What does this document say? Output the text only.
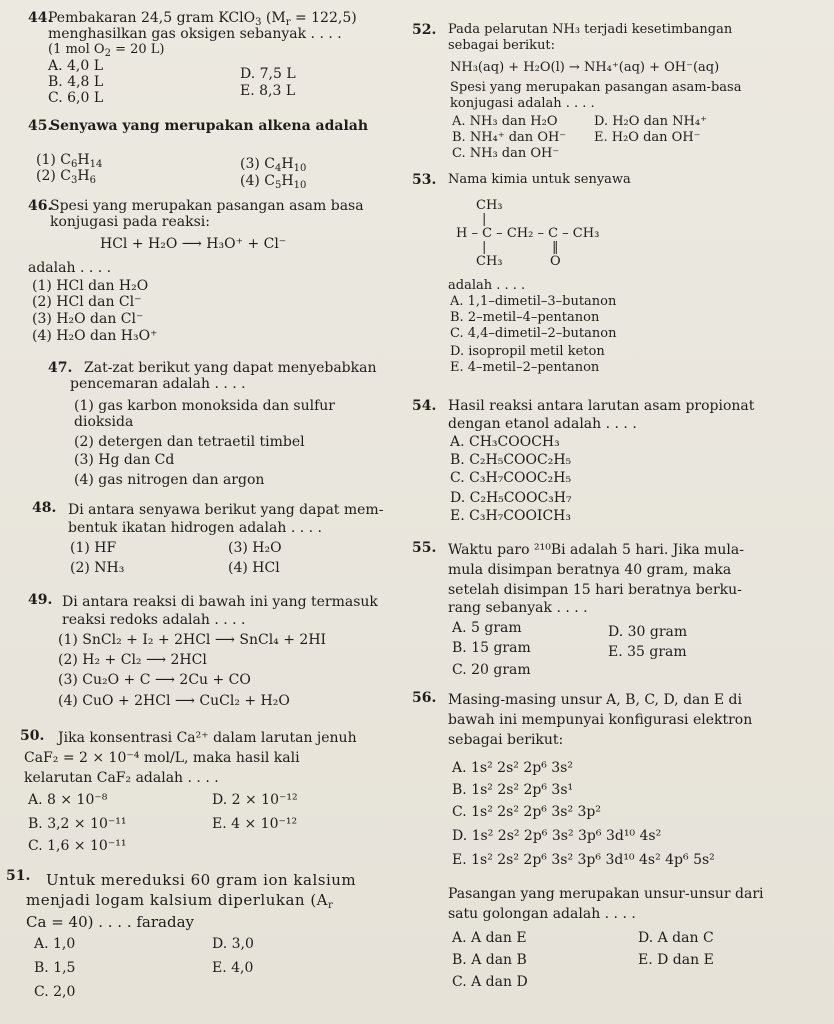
44.
Pembakaran 24,5 gram KClO$_3$ $(M_r = 122,5)$
menghasilkan gas oksigen sebanyak . . . .
(1 mol $O_2 = 20$ L)
A. 4,0 L
B. 4,8 L
C. 6,0 L
D. 7,5 L
E. 8,3 L
45.
Senyawa yang merupakan alkena adalah
(1) $C_6H_{14}$
(2) $C_3H_6$
(3) $C_4H_{10}$
(4) $C_5H_{10}$
46.
Spesi yang merupakan pasangan asam basa
konjugasi pada reaksi:
HCl + H₂O ⟶ H₃O⁺ + Cl⁻
adalah . . . .
(1) HCl dan H₂O
(2) HCl dan Cl⁻
(3) H₂O dan Cl⁻
(4) H₂O dan H₃O⁺
47. Zat-zat berikut yang dapat menyebabkan
pencemaran adalah . . . .
(1) gas karbon monoksida dan sulfur
dioksida
(2) detergen dan tetraetil timbel
(3) Hg dan Cd
(4) gas nitrogen dan argon
48. Di antara senyawa berikut yang dapat mem-
bentuk ikatan hidrogen adalah . . . .
(1) HF
(2) NH₃
(3) H₂O
(4) HCl
49. Di antara reaksi di bawah ini yang termasuk
reaksi redoks adalah . . . .
(1) SnCl₂ + I₂ + 2HCl ⟶ SnCl₄ + 2HI
(2) H₂ + Cl₂ ⟶ 2HCl
(3) Cu₂O + C ⟶ 2Cu + CO
(4) CuO + 2HCl ⟶ CuCl₂ + H₂O
50. Jika konsentrasi Ca²⁺ dalam larutan jenuh
CaF₂ = 2 × 10⁻⁴ mol/L, maka hasil kali
kelarutan CaF₂ adalah . . . .
A. 8 × 10⁻⁸
B. 3,2 × 10⁻¹¹
C. 1,6 × 10⁻¹¹
D. 2 × 10⁻¹²
E. 4 × 10⁻¹²
51. Untuk mereduksi 60 gram ion kalsium
menjadi logam kalsium diperlukan ($A_r$
Ca = 40) . . . . faraday
A. 1,0
B. 1,5
C. 2,0
D. 3,0
E. 4,0
52. Pada pelarutan NH₃ terjadi kesetimbangan
sebagai berikut:
NH₃(aq) + H₂O(l) → NH₄⁺(aq) + OH⁻(aq)
Spesi yang merupakan pasangan asam-basa
konjugasi adalah . . . .
A. NH₃ dan H₂O
B. NH₄⁺ dan OH⁻
C. NH₃ dan OH⁻
D. H₂O dan NH₄⁺
E. H₂O dan OH⁻
53. Nama kimia untuk senyawa
CH₃
|
H – C – CH₂ – C – CH₃
|	‖
CH₃	O
adalah . . . .
A. 1,1–dimetil–3–butanon
B. 2–metil–4–pentanon
C. 4,4–dimetil–2–butanon
D. isopropil metil keton
E. 4–metil–2–pentanon
54. Hasil reaksi antara larutan asam propionat
dengan etanol adalah . . . .
A. CH₃COOCH₃
B. C₂H₅COOC₂H₅
C. C₃H₇COOC₂H₅
D. C₂H₅COOC₃H₇
E. C₃H₇COOICH₃
55. Waktu paro ²¹⁰Bi adalah 5 hari. Jika mula-
mula disimpan beratnya 40 gram, maka
setelah disimpan 15 hari beratnya berku-
rang sebanyak . . . .
A. 5 gram
B. 15 gram
C. 20 gram
D. 30 gram
E. 35 gram
56. Masing-masing unsur A, B, C, D, dan E di
bawah ini mempunyai konfigurasi elektron
sebagai berikut:
A. 1s² 2s² 2p⁶ 3s²
B. 1s² 2s² 2p⁶ 3s¹
C. 1s² 2s² 2p⁶ 3s² 3p²
D. 1s² 2s² 2p⁶ 3s² 3p⁶ 3d¹⁰ 4s²
E. 1s² 2s² 2p⁶ 3s² 3p⁶ 3d¹⁰ 4s² 4p⁶ 5s²
Pasangan yang merupakan unsur-unsur dari
satu golongan adalah . . . .
A. A dan E
B. A dan B
C. A dan D
D. A dan C
E. D dan E
